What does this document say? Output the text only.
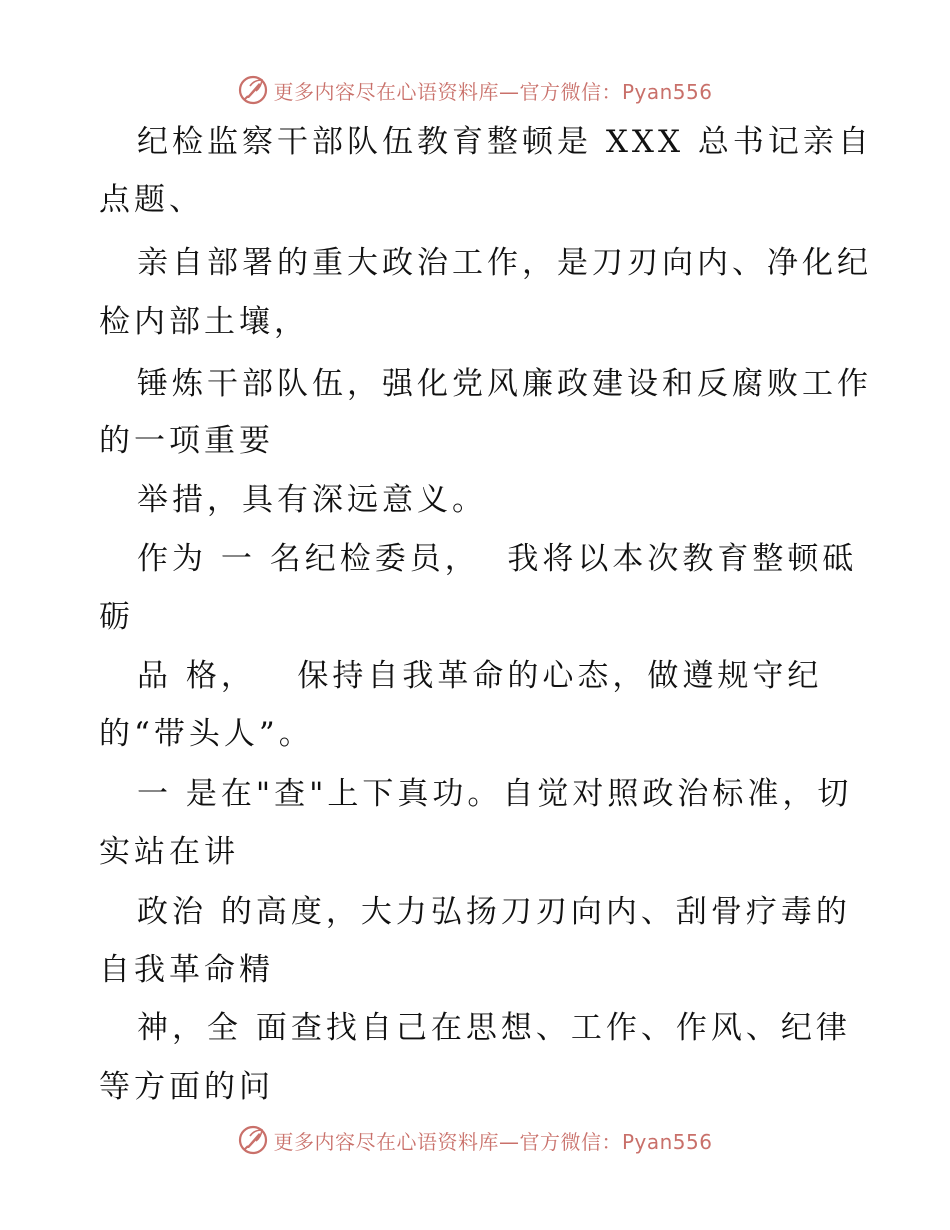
更多内容尽在心语资料库—官方微信：Pyan556
纪检监察干部队伍教育整顿是 XXX 总书记亲自
点题、
亲自部署的重大政治工作，是刀刃向内、净化纪
检内部土壤，
锤炼干部队伍，强化党风廉政建设和反腐败工作
的一项重要
举措，具有深远意义。
作为 一 名纪检委员，  我将以本次教育整顿砥
砺
品 格，   保持自我革命的心态，做遵规守纪
的“带头人”。
一 是在"查"上下真功。自觉对照政治标准，切
实站在讲
政治 的高度，大力弘扬刀刃向内、刮骨疗毒的
自我革命精
神，全 面查找自己在思想、工作、作风、纪律
等方面的问
更多内容尽在心语资料库—官方微信：Pyan556
